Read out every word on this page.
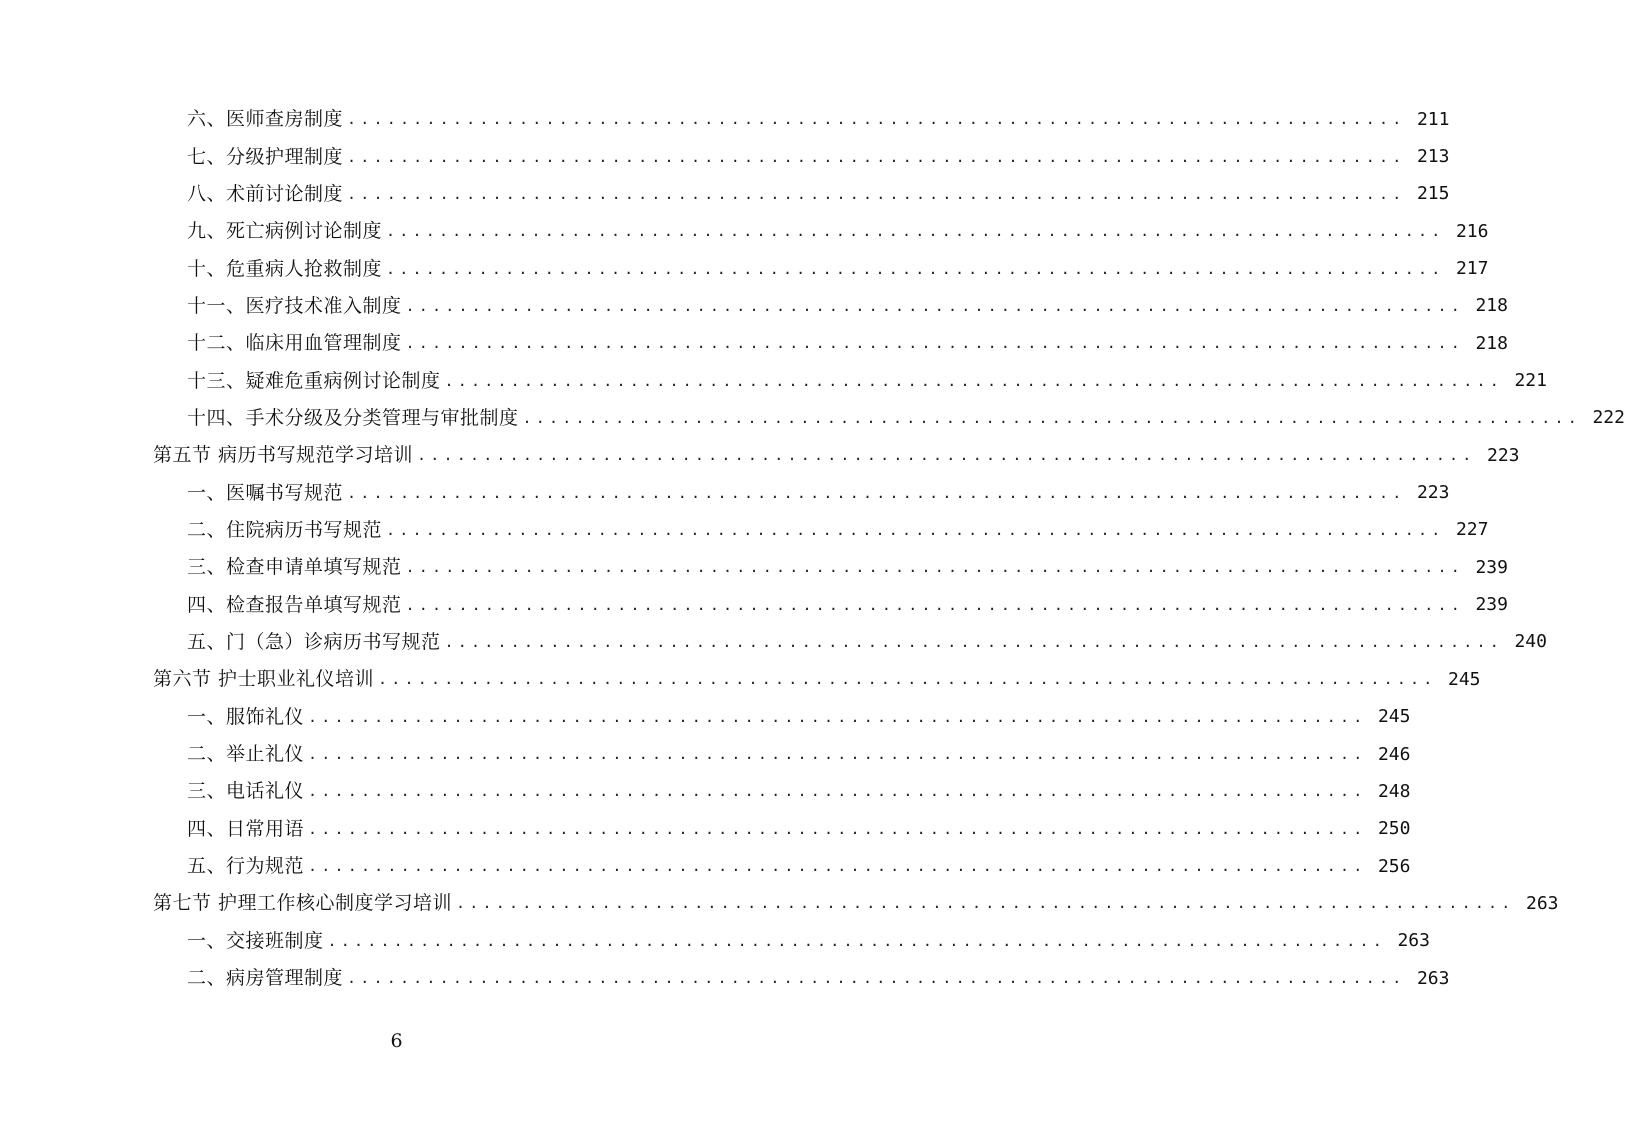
六、医师查房制度 ................................................................................ 211
七、分级护理制度 ................................................................................ 213
八、术前讨论制度 ................................................................................ 215
九、死亡病例讨论制度 ................................................................................ 216
十、危重病人抢救制度 ................................................................................ 217
十一、医疗技术准入制度 ................................................................................ 218
十二、临床用血管理制度 ................................................................................ 218
十三、疑难危重病例讨论制度 ................................................................................ 221
十四、手术分级及分类管理与审批制度 ................................................................................ 222
第五节 病历书写规范学习培训 ................................................................................ 223
一、医嘱书写规范 ................................................................................ 223
二、住院病历书写规范 ................................................................................ 227
三、检查申请单填写规范 ................................................................................ 239
四、检查报告单填写规范 ................................................................................ 239
五、门（急）诊病历书写规范 ................................................................................ 240
第六节 护士职业礼仪培训 ................................................................................ 245
一、服饰礼仪 ................................................................................ 245
二、举止礼仪 ................................................................................ 246
三、电话礼仪 ................................................................................ 248
四、日常用语 ................................................................................ 250
五、行为规范 ................................................................................ 256
第七节 护理工作核心制度学习培训 ................................................................................ 263
一、交接班制度 ................................................................................ 263
二、病房管理制度 ................................................................................ 263
6
